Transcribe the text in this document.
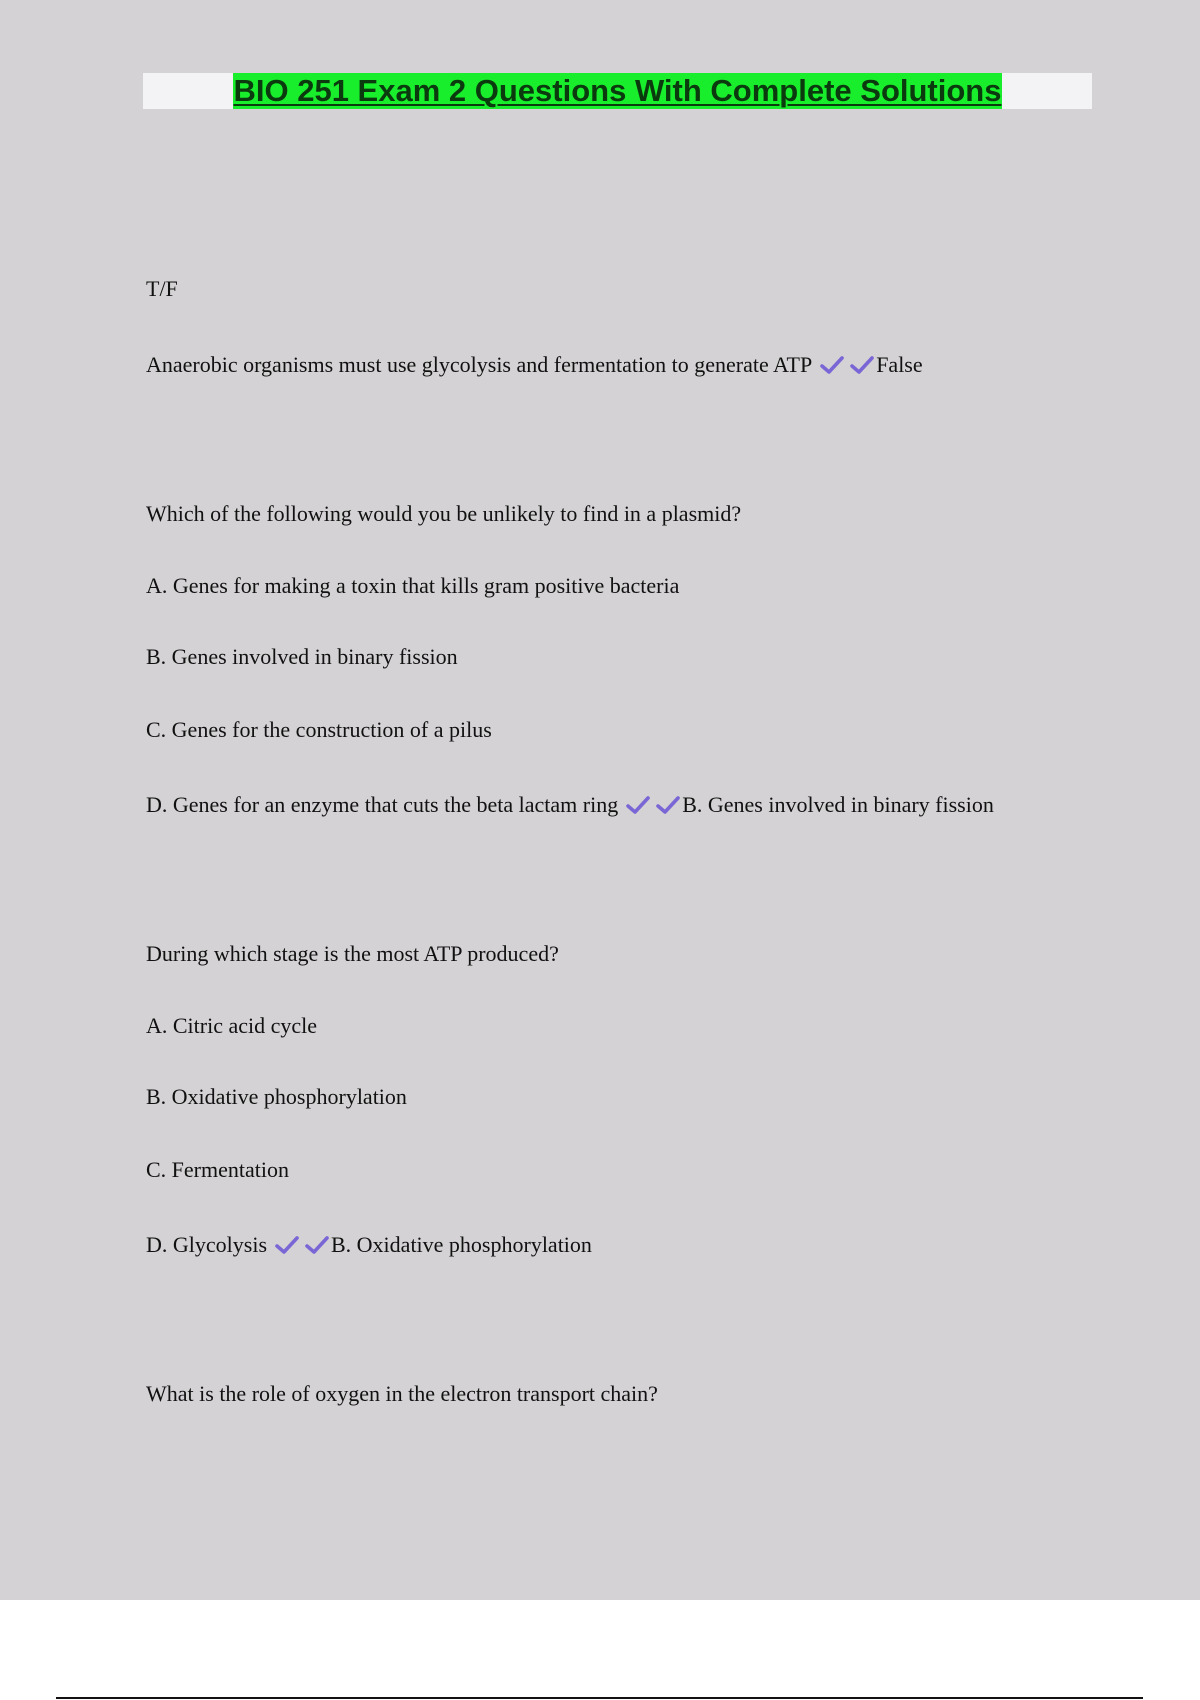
BIO 251 Exam 2 Questions With Complete Solutions
T/F
Anaerobic organisms must use glycolysis and fermentation to generate ATP	False
Which of the following would you be unlikely to find in a plasmid?
A. Genes for making a toxin that kills gram positive bacteria
B. Genes involved in binary fission
C. Genes for the construction of a pilus
D. Genes for an enzyme that cuts the beta lactam ring	B. Genes involved in binary fission
During which stage is the most ATP produced?
A. Citric acid cycle
B. Oxidative phosphorylation
C. Fermentation
D. Glycolysis	B. Oxidative phosphorylation
What is the role of oxygen in the electron transport chain?
